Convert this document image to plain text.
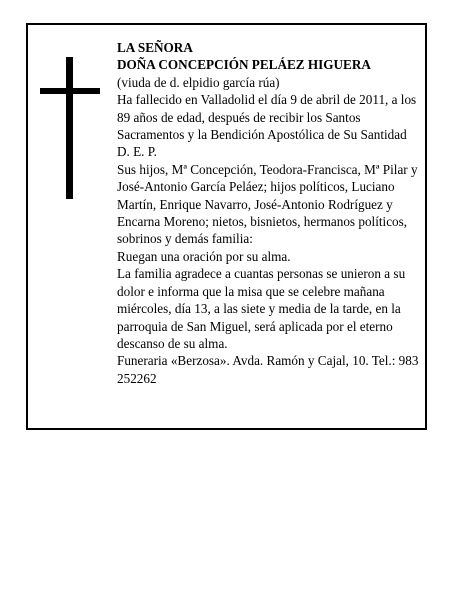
LA SEÑORA

DOÑA CONCEPCIÓN PELÁEZ HIGUERA

(viuda de d. elpidio garcía rúa)

Ha fallecido en Valladolid el día 9 de abril de 2011, a los 89 años de edad, después de recibir los Santos Sacramentos y la Bendición Apostólica de Su Santidad

D. E. P.

Sus hijos, Mª Concepción, Teodora-Francisca, Mª Pilar y José-Antonio García Peláez; hijos políticos, Luciano Martín, Enrique Navarro, José-Antonio Rodríguez y Encarna Moreno; nietos, bisnietos, hermanos políticos, sobrinos y demás familia:

Ruegan una oración por su alma.

La familia agradece a cuantas personas se unieron a su dolor e informa que la misa que se celebre mañana miércoles, día 13, a las siete y media de la tarde, en la parroquia de San Miguel, será aplicada por el eterno descanso de su alma.

Funeraria «Berzosa». Avda. Ramón y Cajal, 10. Tel.: 983 252262
